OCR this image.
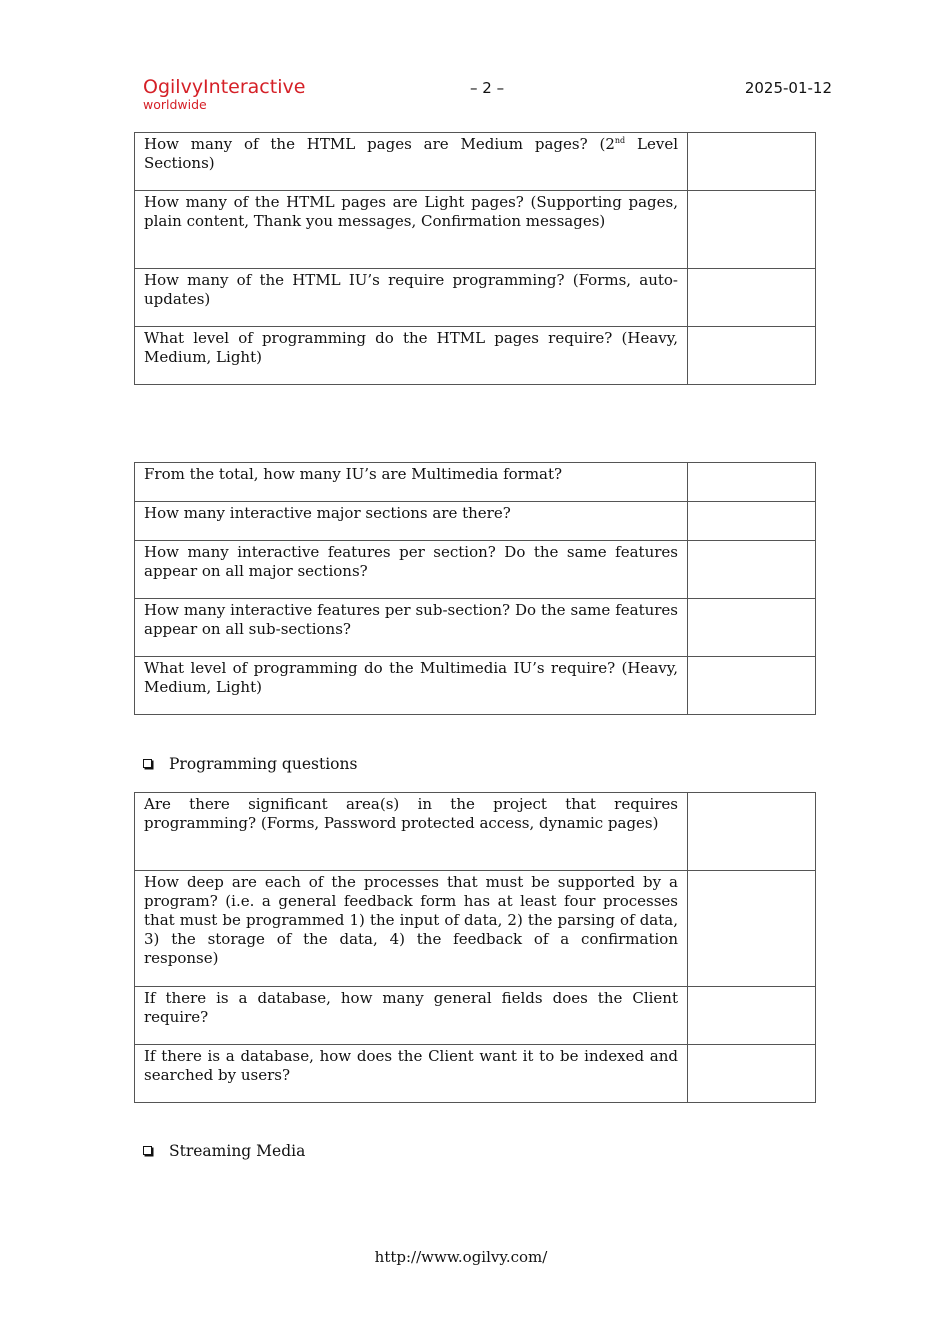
OgilvyInteractive
worldwide
– 2 –	2025-01-12
How many of the HTML pages are Medium pages? (2nd Level Sections)	
How many of the HTML pages are Light pages? (Supporting pages, plain content, Thank you messages, Confirmation messages)	
How many of the HTML IU’s require programming? (Forms, auto-updates)	
What level of programming do the HTML pages require? (Heavy, Medium, Light)	
From the total, how many IU’s are Multimedia format?	
How many interactive major sections are there?	
How many interactive features per section? Do the same features appear on all major sections?	
How many interactive features per sub-section? Do the same features appear on all sub-sections?	
What level of programming do the Multimedia IU’s require? (Heavy, Medium, Light)	
Programming questions
Are there significant area(s) in the project that requires programming? (Forms, Password protected access, dynamic pages)	
How deep are each of the processes that must be supported by a program? (i.e. a general feedback form has at least four processes that must be programmed 1) the input of data, 2) the parsing of data, 3) the storage of the data, 4) the feedback of a confirmation response)	
If there is a database, how many general fields does the Client require?	
If there is a database, how does the Client want it to be indexed and searched by users?	
Streaming Media
http://www.ogilvy.com/
